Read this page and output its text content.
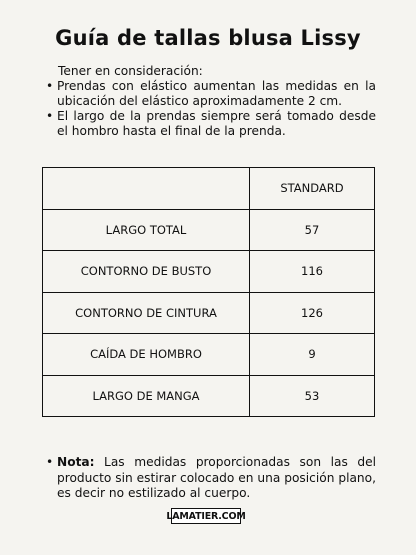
Guía de tallas blusa Lissy
Tener en consideración:
• Prendas con elástico aumentan las medidas en la ubicación del elástico aproximadamente 2 cm.
• El largo de la prendas siempre será tomado desde el hombro hasta el final de la prenda.
	STANDARD
LARGO TOTAL	57
CONTORNO DE BUSTO	116
CONTORNO DE CINTURA	126
CAÍDA DE HOMBRO	9
LARGO DE MANGA	53
• Nota: Las medidas proporcionadas son las del producto sin estirar colocado en una posición plano, es decir no estilizado al cuerpo.
LAMATIER.COM
